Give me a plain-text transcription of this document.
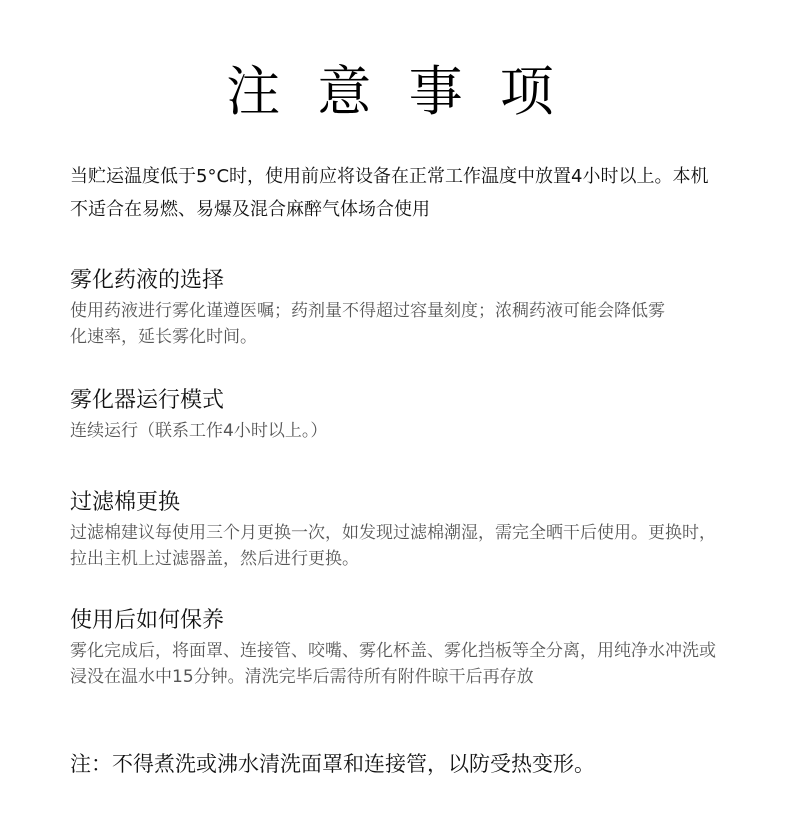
注 意 事 项
当贮运温度低于5°C时，使用前应将设备在正常工作温度中放置4小时以上。本机不适合在易燃、易爆及混合麻醉气体场合使用
雾化药液的选择
使用药液进行雾化谨遵医嘱；药剂量不得超过容量刻度；浓稠药液可能会降低雾化速率，延长雾化时间。
雾化器运行模式
连续运行（联系工作4小时以上。）
过滤棉更换
过滤棉建议每使用三个月更换一次，如发现过滤棉潮湿，需完全晒干后使用。更换时，拉出主机上过滤器盖，然后进行更换。
使用后如何保养
雾化完成后，将面罩、连接管、咬嘴、雾化杯盖、雾化挡板等全分离，用纯净水冲洗或浸没在温水中15分钟。清洗完毕后需待所有附件晾干后再存放
注：不得煮洗或沸水清洗面罩和连接管，以防受热变形。
